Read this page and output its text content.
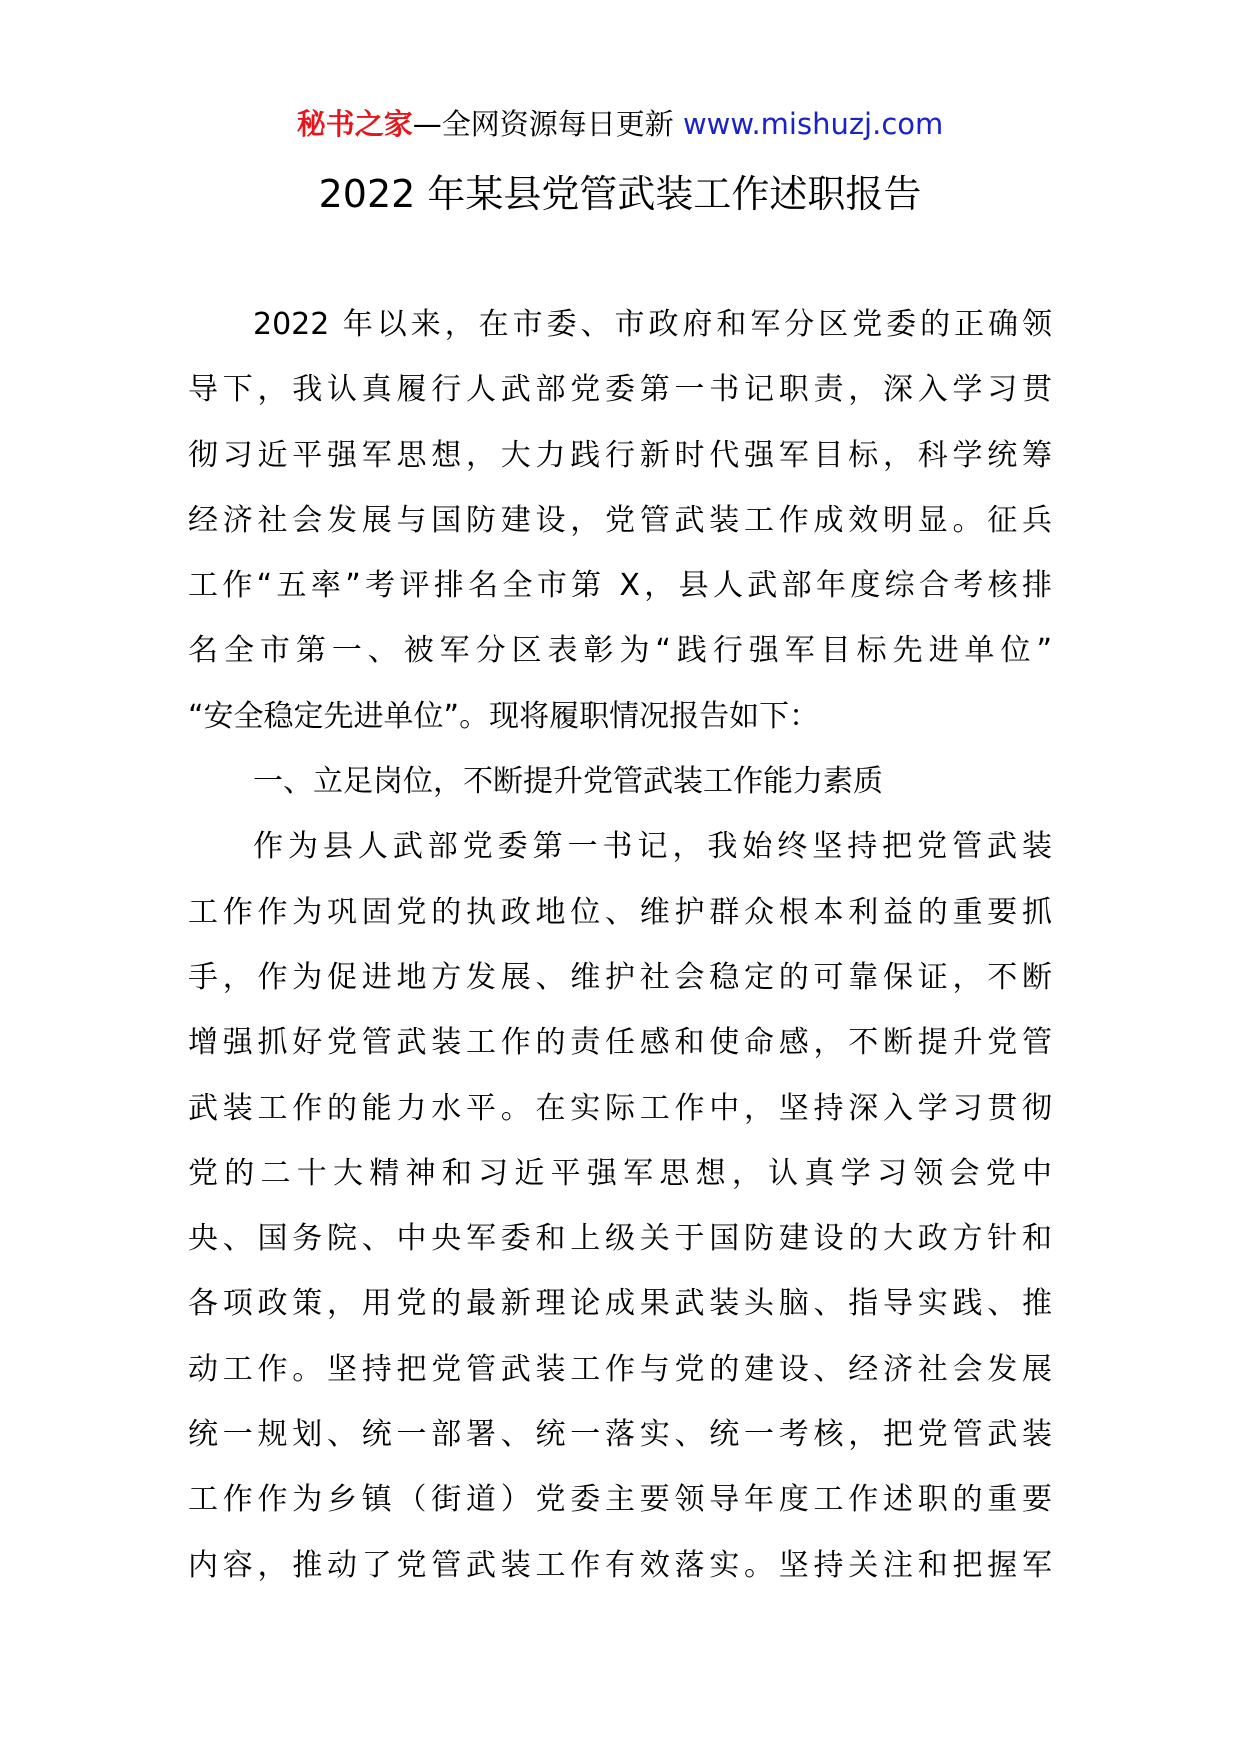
秘书之家—全网资源每日更新 www.mishuzj.com
2022 年某县党管武装工作述职报告
2022 年以来，在市委、市政府和军分区党委的正确领
导下，我认真履行人武部党委第一书记职责，深入学习贯
彻习近平强军思想，大力践行新时代强军目标，科学统筹
经济社会发展与国防建设，党管武装工作成效明显。征兵
工作“五率”考评排名全市第 X，县人武部年度综合考核排
名全市第一、被军分区表彰为“践行强军目标先进单位”
“安全稳定先进单位”。现将履职情况报告如下：
一、立足岗位，不断提升党管武装工作能力素质
作为县人武部党委第一书记，我始终坚持把党管武装
工作作为巩固党的执政地位、维护群众根本利益的重要抓
手，作为促进地方发展、维护社会稳定的可靠保证，不断
增强抓好党管武装工作的责任感和使命感，不断提升党管
武装工作的能力水平。在实际工作中，坚持深入学习贯彻
党的二十大精神和习近平强军思想，认真学习领会党中
央、国务院、中央军委和上级关于国防建设的大政方针和
各项政策，用党的最新理论成果武装头脑、指导实践、推
动工作。坚持把党管武装工作与党的建设、经济社会发展
统一规划、统一部署、统一落实、统一考核，把党管武装
工作作为乡镇（街道）党委主要领导年度工作述职的重要
内容，推动了党管武装工作有效落实。坚持关注和把握军
